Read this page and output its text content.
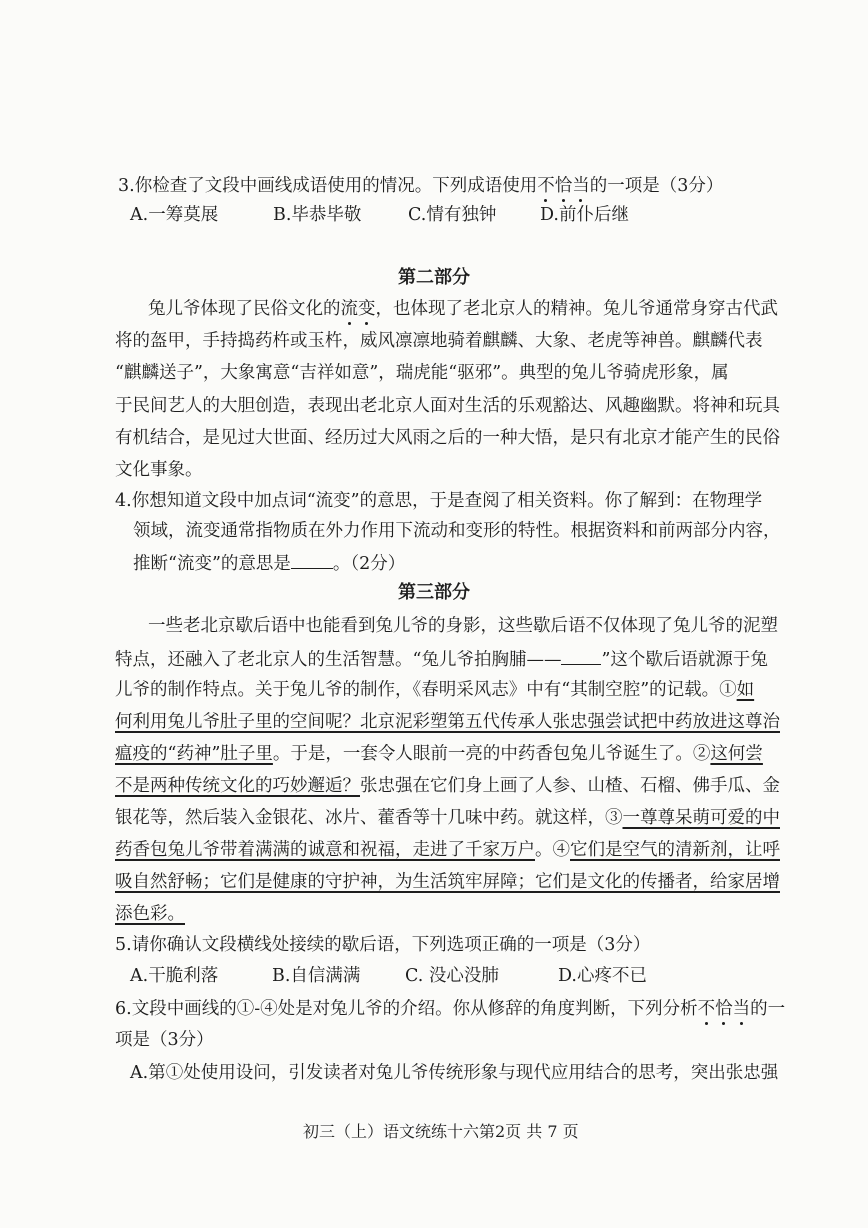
3.你检查了文段中画线成语使用的情况。下列成语使用不恰当的一项是（3分）
A.一筹莫展	B.毕恭毕敬	C.情有独钟 D.前仆后继
第二部分
兔儿爷体现了民俗文化的流变，也体现了老北京人的精神。兔儿爷通常身穿古代武
将的盔甲，手持捣药杵或玉杵，威风凛凛地骑着麒麟、大象、老虎等神兽。麒麟代表
“麒麟送子”，大象寓意“吉祥如意”，瑞虎能“驱邪”。典型的兔儿爷骑虎形象，属
于民间艺人的大胆创造，表现出老北京人面对生活的乐观豁达、风趣幽默。将神和玩具
有机结合，是见过大世面、经历过大风雨之后的一种大悟，是只有北京才能产生的民俗
文化事象。
4.你想知道文段中加点词“流变”的意思，于是查阅了相关资料。你了解到：在物理学
领域，流变通常指物质在外力作用下流动和变形的特性。根据资料和前两部分内容，
推断“流变”的意思是 。（2分）
第三部分
一些老北京歇后语中也能看到兔儿爷的身影，这些歇后语不仅体现了兔儿爷的泥塑
特点，还融入了老北京人的生活智慧。“兔儿爷拍胸脯—— ”这个歇后语就源于兔
儿爷的制作特点。关于兔儿爷的制作，《春明采风志》中有“其制空腔”的记载。①如
何利用兔儿爷肚子里的空间呢？北京泥彩塑第五代传承人张忠强尝试把中药放进这尊治
瘟疫的“药神”肚子里。于是，一套令人眼前一亮的中药香包兔儿爷诞生了。②这何尝
不是两种传统文化的巧妙邂逅？张忠强在它们身上画了人参、山楂、石榴、佛手瓜、金
银花等，然后装入金银花、冰片、藿香等十几味中药。就这样，③一尊尊呆萌可爱的中
药香包兔儿爷带着满满的诚意和祝福，走进了千家万户。④它们是空气的清新剂，让呼
吸自然舒畅；它们是健康的守护神，为生活筑牢屏障；它们是文化的传播者，给家居增
添色彩。
5.请你确认文段横线处接续的歇后语，下列选项正确的一项是（3分）
A.干脆利落	B.自信满满	C. 没心没肺	D.心疼不已
6.文段中画线的①-④处是对兔儿爷的介绍。你从修辞的角度判断，下列分析不恰当的一
项是（3分）
A.第①处使用设问，引发读者对兔儿爷传统形象与现代应用结合的思考，突出张忠强
初三（上）语文统练十六第2页 共 7 页
